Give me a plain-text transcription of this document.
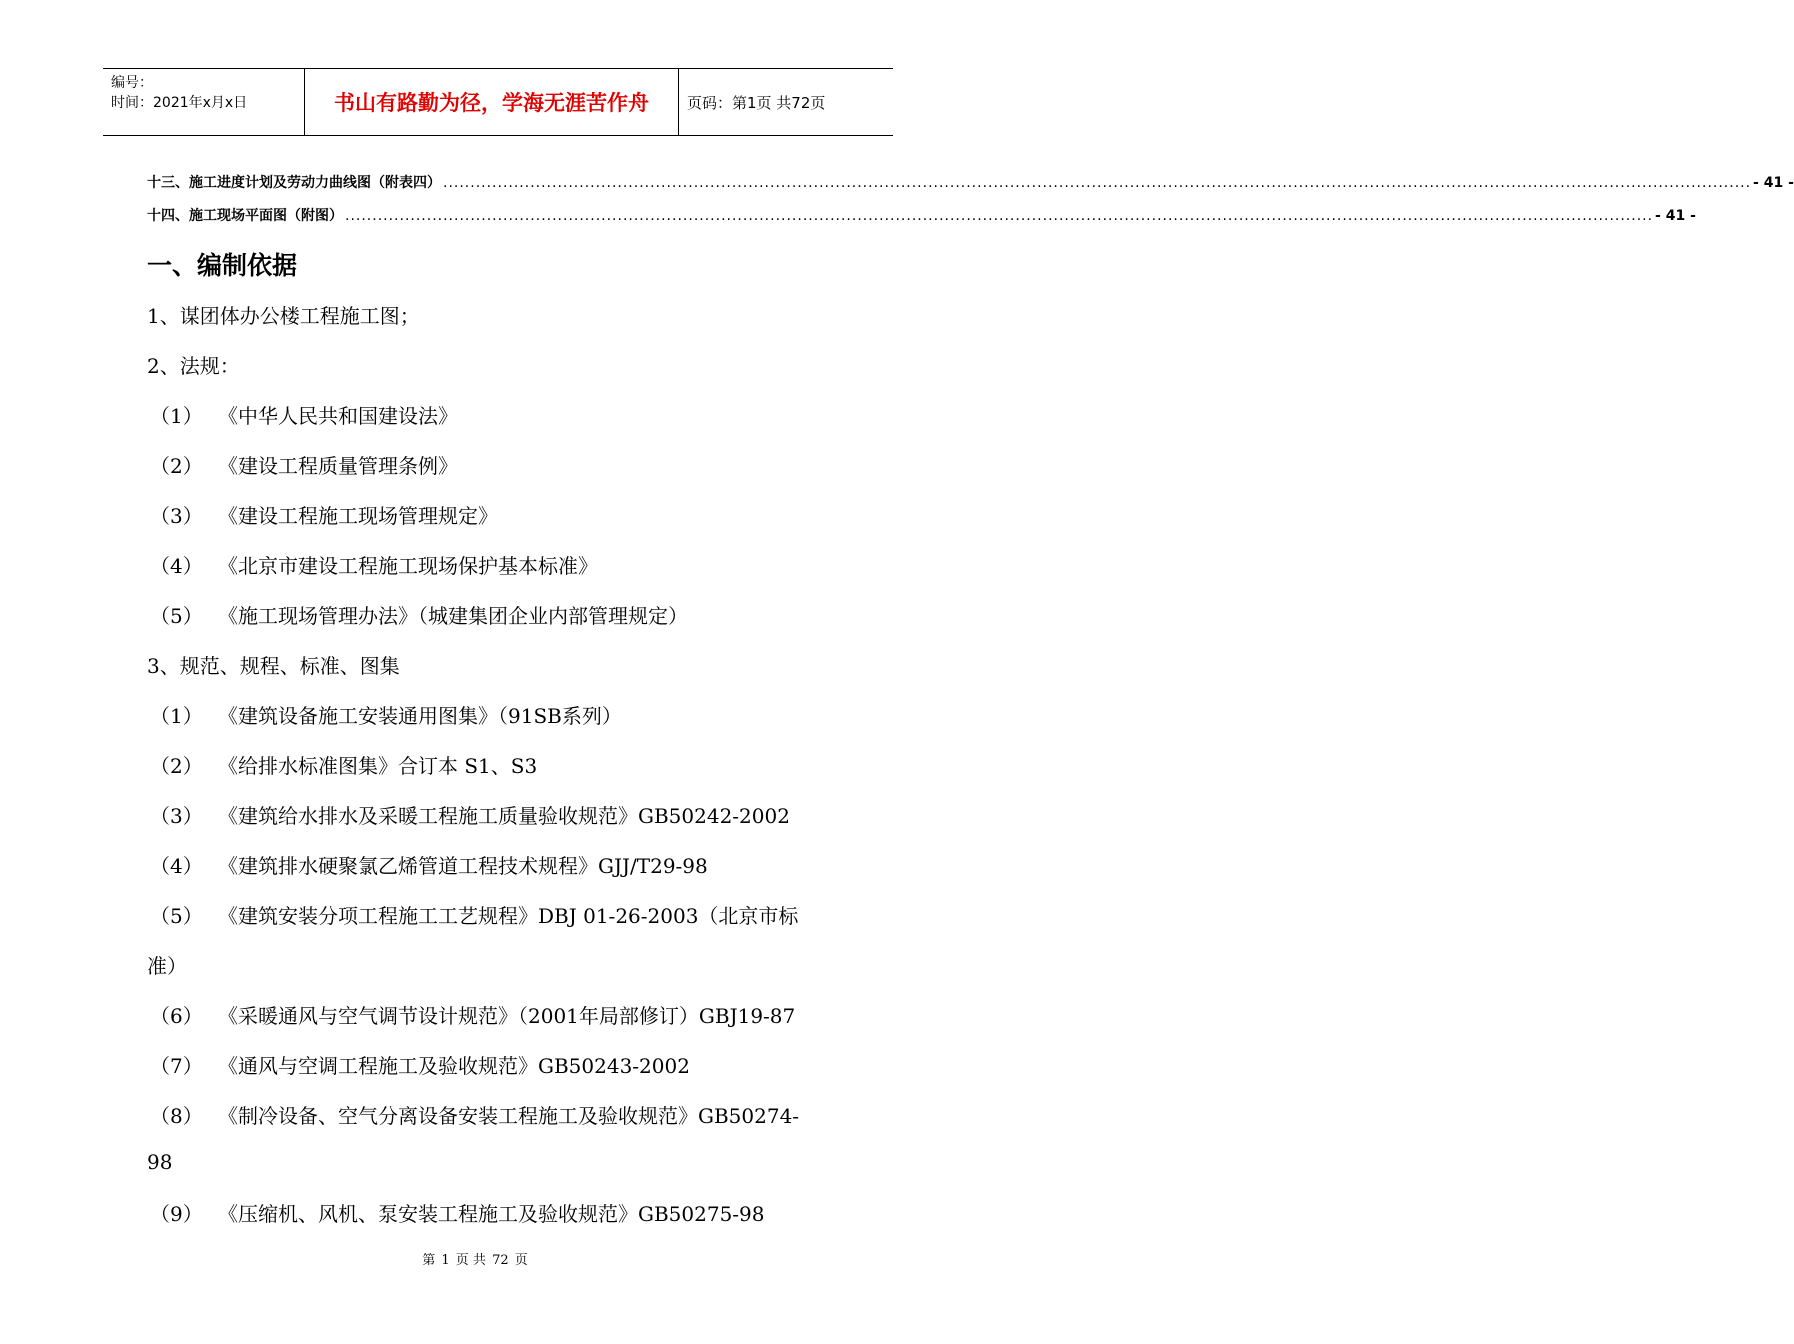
编号：
时间：2021年x月x日	书山有路勤为径，学海无涯苦作舟	页码：第1页 共72页
十三、施工进度计划及劳动力曲线图（附表四） ................................................................................................................................................................................................................................................ - 41 -
十四、施工现场平面图（附图） ................................................................................................................................................................................................................................................ - 41 -
一、编制依据
1、谋团体办公楼工程施工图；
2、法规：
（1） 《中华人民共和国建设法》
（2） 《建设工程质量管理条例》
（3） 《建设工程施工现场管理规定》
（4） 《北京市建设工程施工现场保护基本标准》
（5） 《施工现场管理办法》（城建集团企业内部管理规定）
3、规范、规程、标准、图集
（1） 《建筑设备施工安装通用图集》（91SB系列）
（2） 《给排水标准图集》合订本 S1、S3
（3） 《建筑给水排水及采暖工程施工质量验收规范》GB50242-2002
（4） 《建筑排水硬聚氯乙烯管道工程技术规程》GJJ/T29-98
（5） 《建筑安装分项工程施工工艺规程》DBJ 01-26-2003（北京市标
准）
（6） 《采暖通风与空气调节设计规范》（2001年局部修订）GBJ19-87
（7） 《通风与空调工程施工及验收规范》GB50243-2002
（8） 《制冷设备、空气分离设备安装工程施工及验收规范》GB50274-
98
（9） 《压缩机、风机、泵安装工程施工及验收规范》GB50275-98
第 1 页 共 72 页
